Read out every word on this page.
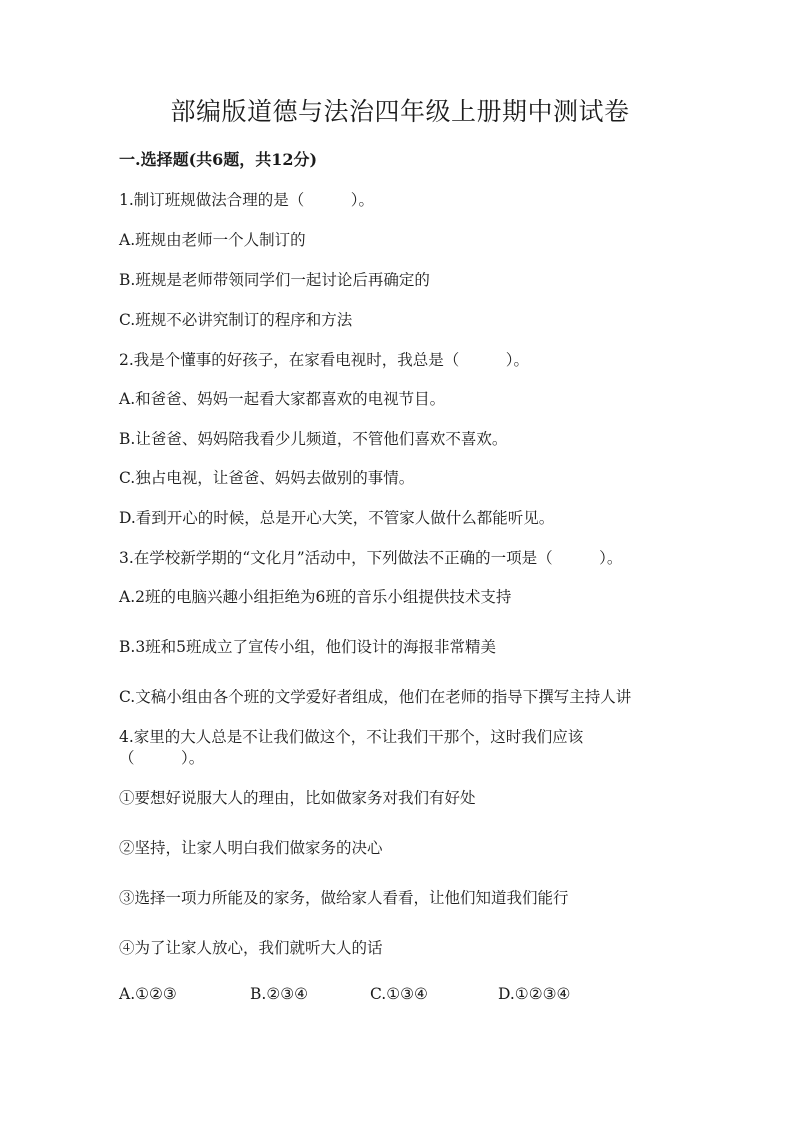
部编版道德与法治四年级上册期中测试卷
一.选择题(共6题，共12分)
1.制订班规做法合理的是（　　　）。
A.班规由老师一个人制订的
B.班规是老师带领同学们一起讨论后再确定的
C.班规不必讲究制订的程序和方法
2.我是个懂事的好孩子，在家看电视时，我总是（　　　）。
A.和爸爸、妈妈一起看大家都喜欢的电视节目。
B.让爸爸、妈妈陪我看少儿频道，不管他们喜欢不喜欢。
C.独占电视，让爸爸、妈妈去做别的事情。
D.看到开心的时候，总是开心大笑，不管家人做什么都能听见。
3.在学校新学期的“文化月”活动中，下列做法不正确的一项是（　　　）。
A.2班的电脑兴趣小组拒绝为6班的音乐小组提供技术支持
B.3班和5班成立了宣传小组，他们设计的海报非常精美
C.文稿小组由各个班的文学爱好者组成，他们在老师的指导下撰写主持人讲
4.家里的大人总是不让我们做这个，不让我们干那个，这时我们应该
（　　　）。
①要想好说服大人的理由，比如做家务对我们有好处
②坚持，让家人明白我们做家务的决心
③选择一项力所能及的家务，做给家人看看，让他们知道我们能行
④为了让家人放心，我们就听大人的话
A.①②③	B.②③④	C.①③④	D.①②③④
